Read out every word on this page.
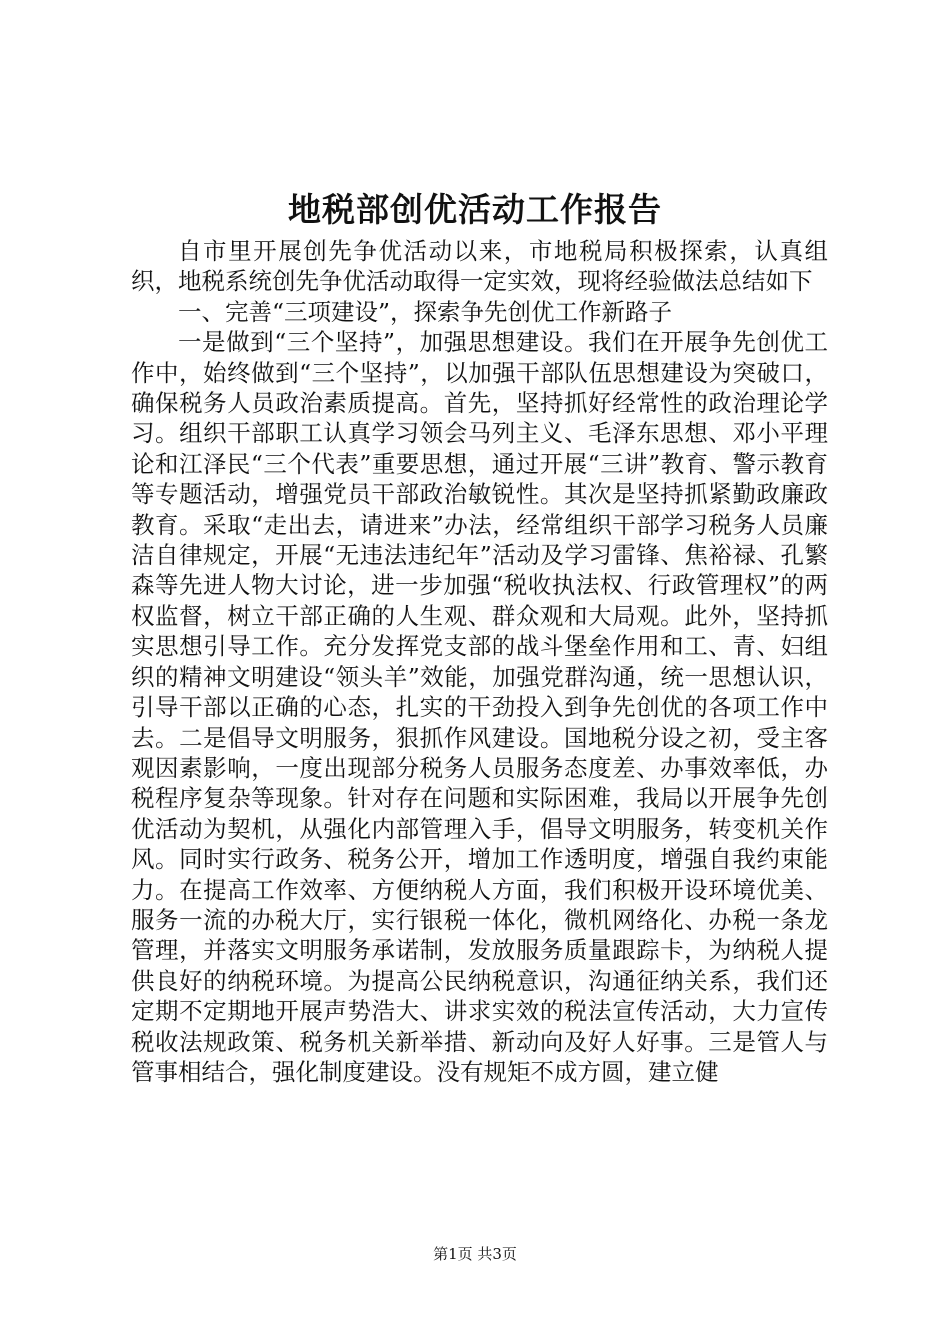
地税部创优活动工作报告

自市里开展创先争优活动以来，市地税局积极探索，认真组织，地税系统创先争优活动取得一定实效，现将经验做法总结如下

一、完善“三项建设”，探索争先创优工作新路子

一是做到“三个坚持”，加强思想建设。我们在开展争先创优工作中，始终做到“三个坚持”，以加强干部队伍思想建设为突破口，确保税务人员政治素质提高。首先，坚持抓好经常性的政治理论学习。组织干部职工认真学习领会马列主义、毛泽东思想、邓小平理论和江泽民“三个代表”重要思想，通过开展“三讲”教育、警示教育等专题活动，增强党员干部政治敏锐性。其次是坚持抓紧勤政廉政教育。采取“走出去，请进来”办法，经常组织干部学习税务人员廉洁自律规定，开展“无违法违纪年”活动及学习雷锋、焦裕禄、孔繁森等先进人物大讨论，进一步加强“税收执法权、行政管理权”的两权监督，树立干部正确的人生观、群众观和大局观。此外，坚持抓实思想引导工作。充分发挥党支部的战斗堡垒作用和工、青、妇组织的精神文明建设“领头羊”效能，加强党群沟通，统一思想认识，引导干部以正确的心态，扎实的干劲投入到争先创优的各项工作中去。二是倡导文明服务，狠抓作风建设。国地税分设之初，受主客观因素影响，一度出现部分税务人员服务态度差、办事效率低，办税程序复杂等现象。针对存在问题和实际困难，我局以开展争先创优活动为契机，从强化内部管理入手，倡导文明服务，转变机关作风。同时实行政务、税务公开，增加工作透明度，增强自我约束能力。在提高工作效率、方便纳税人方面，我们积极开设环境优美、服务一流的办税大厅，实行银税一体化，微机网络化、办税一条龙管理，并落实文明服务承诺制，发放服务质量跟踪卡，为纳税人提供良好的纳税环境。为提高公民纳税意识，沟通征纳关系，我们还定期不定期地开展声势浩大、讲求实效的税法宣传活动，大力宣传税收法规政策、税务机关新举措、新动向及好人好事。三是管人与管事相结合，强化制度建设。没有规矩不成方圆，建立健

第1页 共3页
